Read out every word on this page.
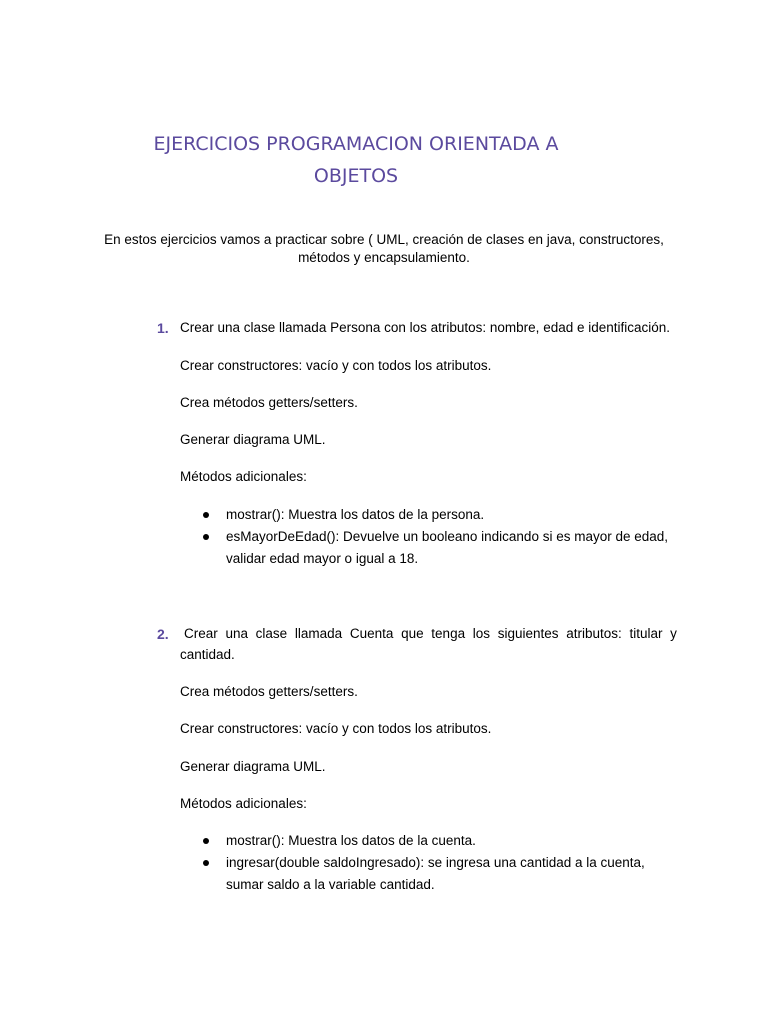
EJERCICIOS PROGRAMACION ORIENTADA A
OBJETOS
En estos ejercicios vamos a practicar sobre ( UML, creación de clases en java, constructores,
métodos y encapsulamiento.
1. Crear una clase llamada Persona con los atributos: nombre, edad e identificación.
Crear constructores: vacío y con todos los atributos.
Crea métodos getters/setters.
Generar diagrama UML.
Métodos adicionales:
mostrar(): Muestra los datos de la persona.
esMayorDeEdad(): Devuelve un booleano indicando si es mayor de edad,
validar edad mayor o igual a 18.
2. Crear una clase llamada Cuenta que tenga los siguientes atributos: titular y
cantidad.
Crea métodos getters/setters.
Crear constructores: vacío y con todos los atributos.
Generar diagrama UML.
Métodos adicionales:
mostrar(): Muestra los datos de la cuenta.
ingresar(double saldoIngresado): se ingresa una cantidad a la cuenta,
sumar saldo a la variable cantidad.
